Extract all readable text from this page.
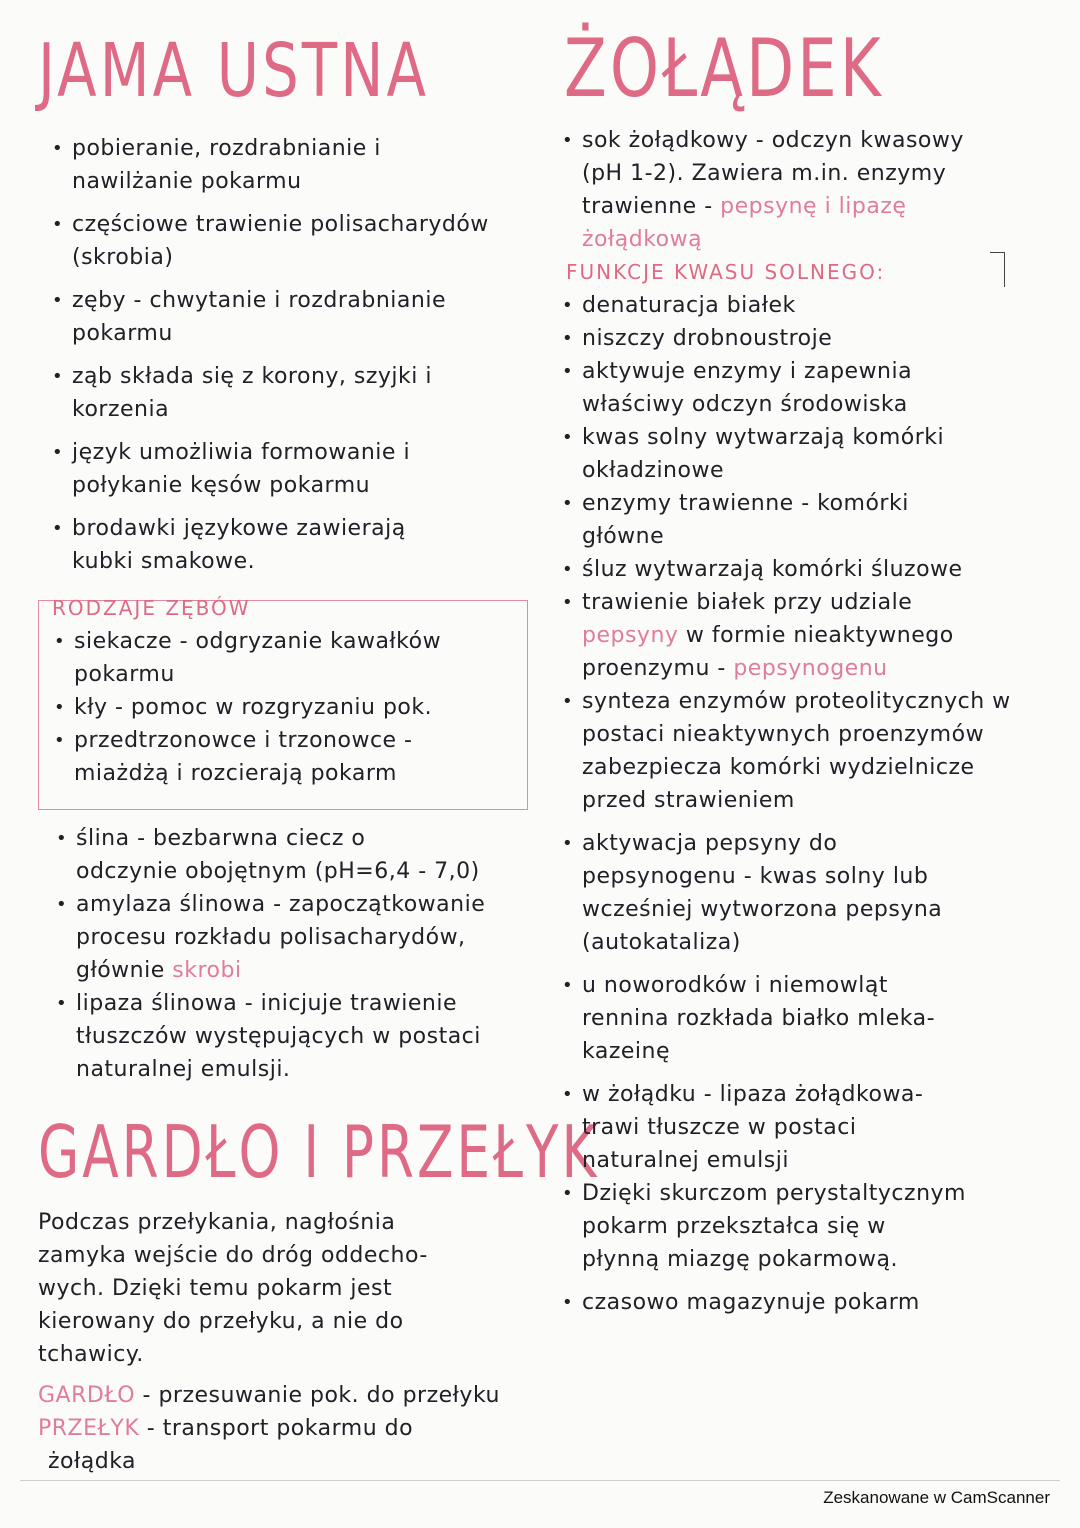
JAMA USTNA
• pobieranie, rozdrabnianie i
nawilżanie pokarmu
• częściowe trawienie polisacharydów
(skrobia)
• zęby - chwytanie i rozdrabnianie
pokarmu
• ząb składa się z korony, szyjki i
korzenia
• język umożliwia formowanie i
połykanie kęsów pokarmu
• brodawki językowe zawierają
kubki smakowe.
RODZAJE ZĘBÓW
• siekacze - odgryzanie kawałków
pokarmu
• kły - pomoc w rozgryzaniu pok.
• przedtrzonowce i trzonowce -
miażdżą i rozcierają pokarm
• ślina - bezbarwna ciecz o
odczynie obojętnym (pH=6,4 - 7,0)
• amylaza ślinowa - zapoczątkowanie
procesu rozkładu polisacharydów,
głównie skrobi
• lipaza ślinowa - inicjuje trawienie
tłuszczów występujących w postaci
naturalnej emulsji.
GARDŁO I PRZEŁYK
Podczas przełykania, nagłośnia
zamyka wejście do dróg oddecho-
wych. Dzięki temu pokarm jest
kierowany do przełyku, a nie do
tchawicy.
GARDŁO - przesuwanie pok. do przełyku
PRZEŁYK - transport pokarmu do
żołądka
ŻOŁĄDEK
• sok żołądkowy - odczyn kwasowy
(pH 1-2). Zawiera m.in. enzymy
trawienne - pepsynę i lipazę
żołądkową
FUNKCJE KWASU SOLNEGO:
• denaturacja białek
• niszczy drobnoustroje
• aktywuje enzymy i zapewnia
właściwy odczyn środowiska
• kwas solny wytwarzają komórki
okładzinowe
• enzymy trawienne - komórki
główne
• śluz wytwarzają komórki śluzowe
• trawienie białek przy udziale
pepsyny w formie nieaktywnego
proenzymu - pepsynogenu
• synteza enzymów proteolitycznych w
postaci nieaktywnych proenzymów
zabezpiecza komórki wydzielnicze
przed strawieniem
• aktywacja pepsyny do
pepsynogenu - kwas solny lub
wcześniej wytworzona pepsyna
(autokataliza)
• u noworodków i niemowląt
rennina rozkłada białko mleka-
kazeinę
• w żołądku - lipaza żołądkowa-
trawi tłuszcze w postaci
naturalnej emulsji
• Dzięki skurczom perystaltycznym
pokarm przekształca się w
płynną miazgę pokarmową.
• czasowo magazynuje pokarm
Zeskanowane w CamScanner
